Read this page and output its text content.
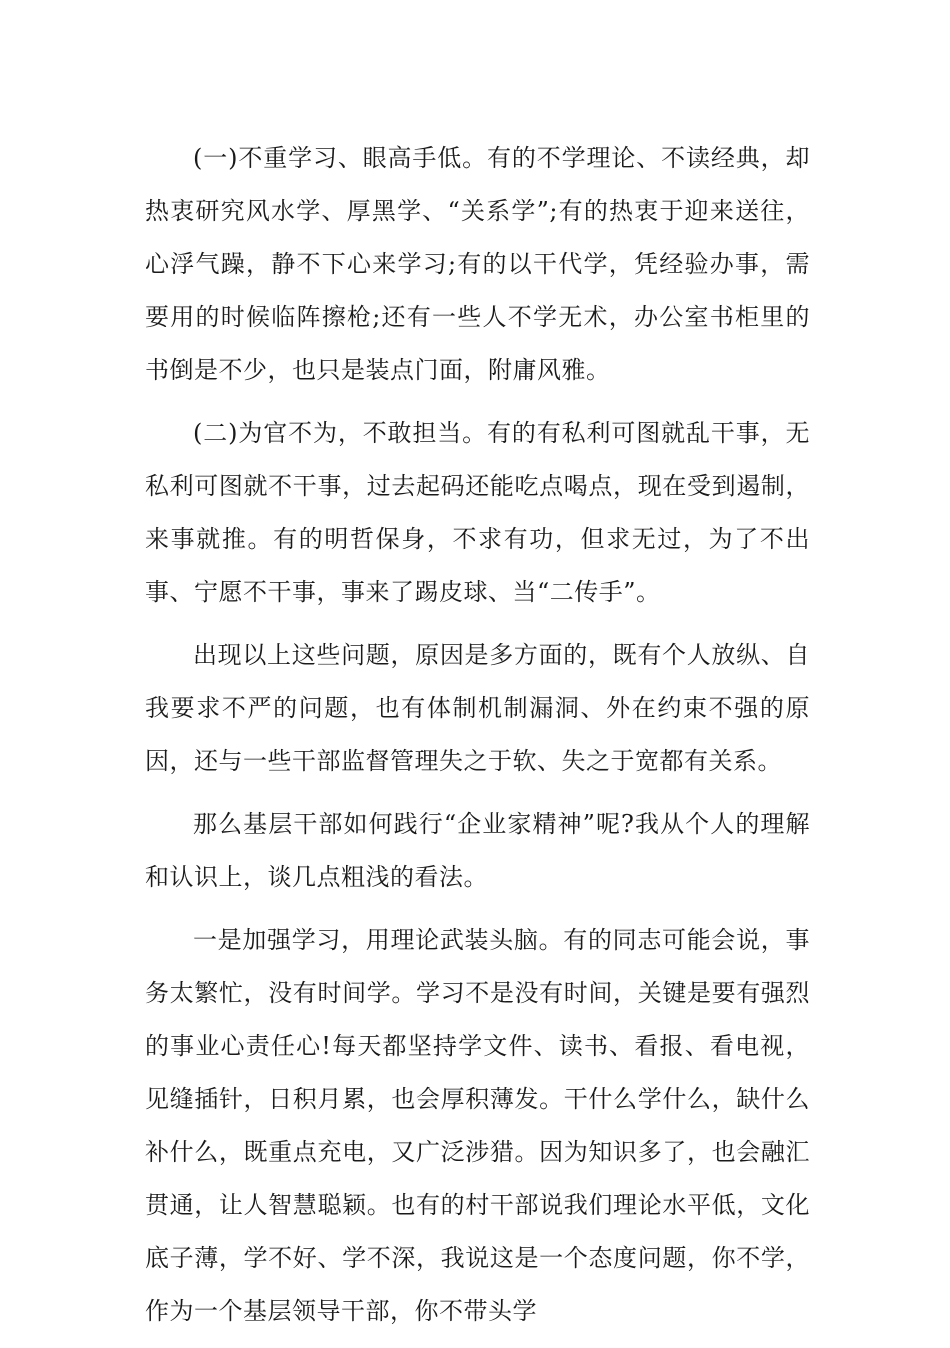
(一)不重学习、眼高手低。有的不学理论、不读经典，却热衷研究风水学、厚黑学、“关系学”;有的热衷于迎来送往，心浮气躁，静不下心来学习;有的以干代学，凭经验办事，需要用的时候临阵擦枪;还有一些人不学无术，办公室书柜里的书倒是不少，也只是装点门面，附庸风雅。

(二)为官不为，不敢担当。有的有私利可图就乱干事，无私利可图就不干事，过去起码还能吃点喝点，现在受到遏制，来事就推。有的明哲保身，不求有功，但求无过，为了不出事、宁愿不干事，事来了踢皮球、当“二传手”。

出现以上这些问题，原因是多方面的，既有个人放纵、自我要求不严的问题，也有体制机制漏洞、外在约束不强的原因，还与一些干部监督管理失之于软、失之于宽都有关系。

那么基层干部如何践行“企业家精神”呢?我从个人的理解和认识上，谈几点粗浅的看法。

一是加强学习，用理论武装头脑。有的同志可能会说，事务太繁忙，没有时间学。学习不是没有时间，关键是要有强烈的事业心责任心!每天都坚持学文件、读书、看报、看电视，见缝插针，日积月累，也会厚积薄发。干什么学什么，缺什么补什么，既重点充电，又广泛涉猎。因为知识多了，也会融汇贯通，让人智慧聪颖。也有的村干部说我们理论水平低，文化底子薄，学不好、学不深，我说这是一个态度问题，你不学，作为一个基层领导干部，你不带头学
